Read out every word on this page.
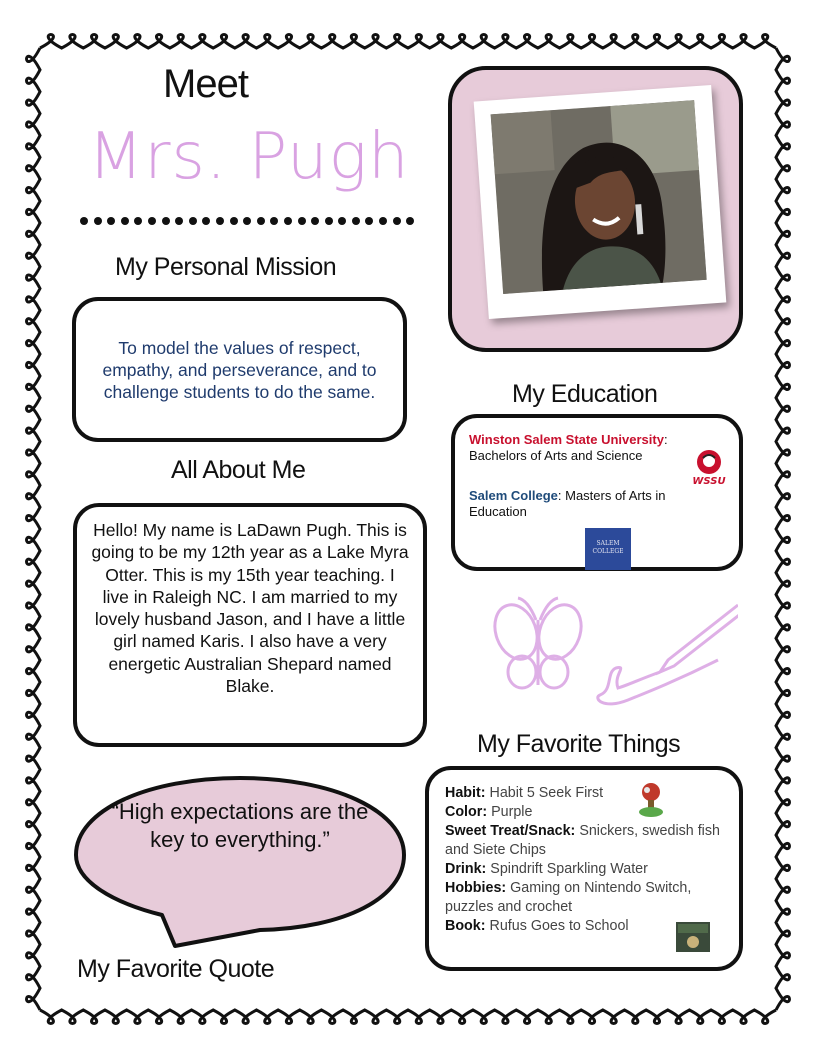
Meet
Mrs. Pugh
My Personal Mission
To model the values of respect, empathy, and perseverance, and to challenge students to do the same.
All About Me
Hello! My name is LaDawn Pugh. This is going to be my 12th year as a Lake Myra Otter. This is my 15th year teaching. I live in Raleigh NC. I am married to my lovely husband Jason, and I have a little girl named Karis. I also have a very energetic Australian Shepard named Blake.
My Education
Winston Salem State University:
Bachelors of Arts and Science
Salem College: Masters of Arts in Education
WSSU
SALEM COLLEGE
My Favorite Things
Habit: Habit 5 Seek First
Color: Purple
Sweet Treat/Snack: Snickers, swedish fish and Siete Chips
Drink: Spindrift Sparkling Water
Hobbies: Gaming on Nintendo Switch, puzzles and crochet
Book: Rufus Goes to School
“High expectations are the key to everything.”
My Favorite Quote
